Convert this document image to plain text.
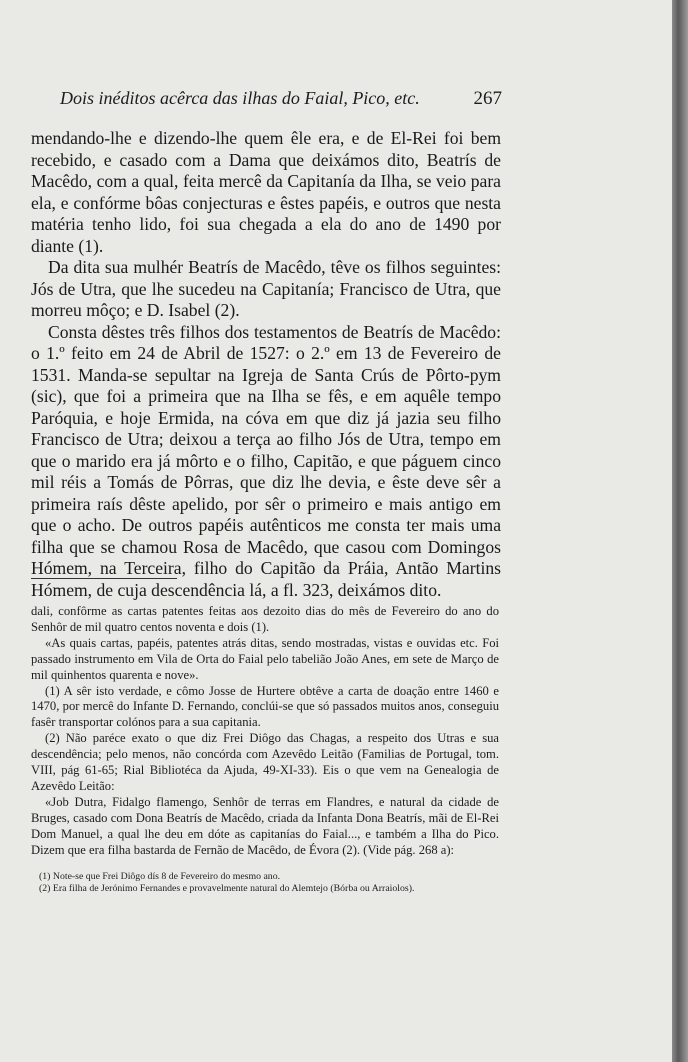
Dois inéditos acêrca das ilhas do Faial, Pico, etc.	267

mendando-lhe e dizendo-lhe quem êle era, e de El-Rei foi bem recebido, e casado com a Dama que deixámos dito, Beatrís de Macêdo, com a qual, feita mercê da Capitanía da Ilha, se veio para ela, e confórme bôas conjecturas e êstes papéis, e outros que nesta matéria tenho lido, foi sua chegada a ela do ano de 1490 por diante (1).

Da dita sua mulhér Beatrís de Macêdo, têve os filhos seguintes: Jós de Utra, que lhe sucedeu na Capitanía; Francisco de Utra, que morreu môço; e D. Isabel (2).

Consta dêstes três filhos dos testamentos de Beatrís de Macêdo: o 1.º feito em 24 de Abril de 1527: o 2.º em 13 de Fevereiro de 1531. Manda-se sepultar na Igreja de Santa Crús de Pôrto-pym (sic), que foi a primeira que na Ilha se fês, e em aquêle tempo Paróquia, e hoje Ermida, na cóva em que diz já jazia seu filho Francisco de Utra; deixou a terça ao filho Jós de Utra, tempo em que o marido era já môrto e o filho, Capitão, e que páguem cinco mil réis a Tomás de Pôrras, que diz lhe devia, e êste deve sêr a primeira raís dêste apelido, por sêr o primeiro e mais antigo em que o acho. De outros papéis autênticos me consta ter mais uma filha que se chamou Rosa de Macêdo, que casou com Domingos Hómem, na Terceira, filho do Capitão da Práia, Antão Martins Hómem, de cuja descendência lá, a fl. 323, deixámos dito.

dali, confôrme as cartas patentes feitas aos dezoito dias do mês de Fevereiro do ano do Senhôr de mil quatro centos noventa e dois (1).

«As quais cartas, papéis, patentes atrás ditas, sendo mostradas, vistas e ouvidas etc. Foi passado instrumento em Vila de Orta do Faial pelo tabelião João Anes, em sete de Março de mil quinhentos quarenta e nove».

(1) A sêr isto verdade, e cômo Josse de Hurtere obtêve a carta de doação entre 1460 e 1470, por mercê do Infante D. Fernando, conclúi-se que só passados muitos anos, conseguiu fasêr transportar colónos para a sua capitania.

(2) Não paréce exato o que diz Frei Diôgo das Chagas, a respeito dos Utras e sua descendência; pelo menos, não concórda com Azevêdo Leitão (Familias de Portugal, tom. VIII, pág 61-65; Rial Bibliotéca da Ajuda, 49-XI-33). Eis o que vem na Genealogia de Azevêdo Leitão:

«Job Dutra, Fidalgo flamengo, Senhôr de terras em Flandres, e natural da cidade de Bruges, casado com Dona Beatrís de Macêdo, criada da Infanta Dona Beatrís, mãi de El-Rei Dom Manuel, a qual lhe deu em dóte as capitanías do Faial..., e também a Ilha do Pico. Dizem que era filha bastarda de Fernão de Macêdo, de Évora (2). (Vide pág. 268 a):

(1) Note-se que Frei Diôgo dís 8 de Fevereiro do mesmo ano.

(2) Era filha de Jerónimo Fernandes e provavelmente natural do Alemtejo (Bórba ou Arraiolos).
